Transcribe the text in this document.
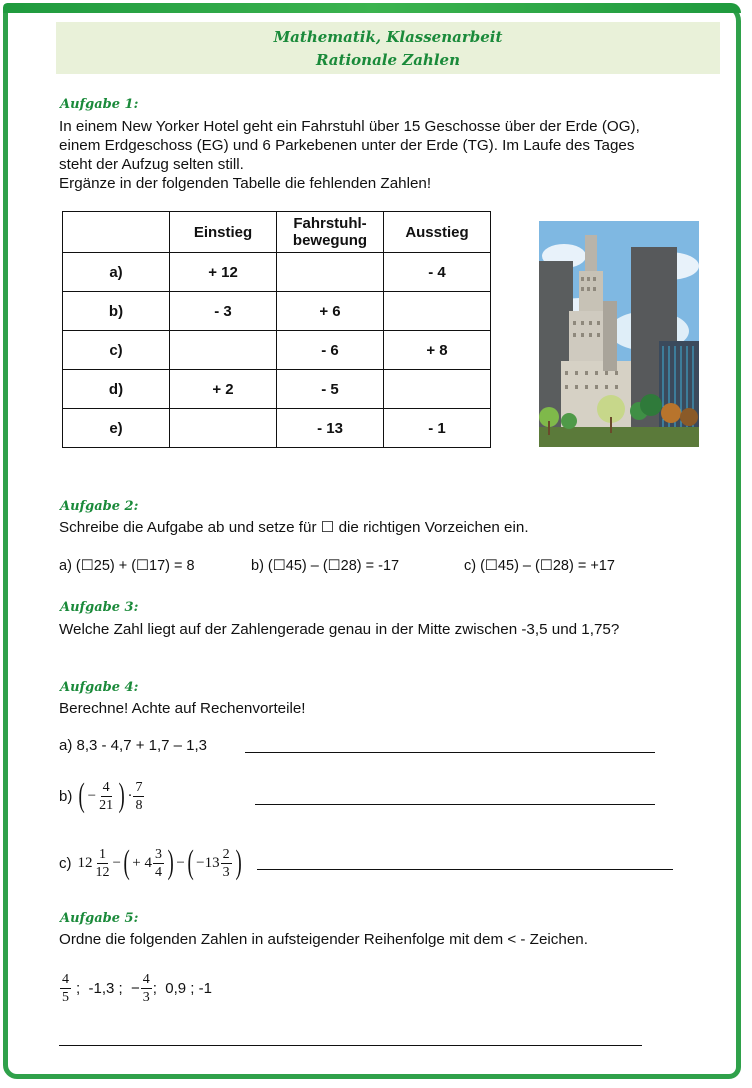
Mathematik, Klassenarbeit
Rationale Zahlen
Aufgabe 1:
In einem New Yorker Hotel geht ein Fahrstuhl über 15 Geschosse über der Erde (OG),
einem Erdgeschoss (EG) und 6 Parkebenen unter der Erde (TG). Im Laufe des Tages
steht der Aufzug selten still.
Ergänze in der folgenden Tabelle die fehlenden Zahlen!
	Einstieg	Fahrstuhl-
bewegung	Ausstieg
a)	+ 12		- 4
b)	- 3	+ 6	
c)		- 6	+ 8
d)	+ 2	- 5	
e)		- 13	- 1
Aufgabe 2:
Schreibe die Aufgabe ab und setze für ☐ die richtigen Vorzeichen ein.
a) (☐25) + (☐17) = 8	b) (☐45) – (☐28) = -17	c) (☐45) – (☐28) = +17
Aufgabe 3:
Welche Zahl liegt auf der Zahlengerade genau in der Mitte zwischen -3,5 und 1,75?
Aufgabe 4:
Berechne! Achte auf Rechenvorteile!
a) 8,3 - 4,7 + 1,7 – 1,3
b) ( − $\frac{4}{21}$ ) · $\frac{7}{8}$
c) $12 \frac{1}{12}$ − ( + $4 \frac{3}{4}$ ) − ( $-13 \frac{2}{3}$ )
Aufgabe 5:
Ordne die folgenden Zahlen in aufsteigender Reihenfolge mit dem < - Zeichen.
$\frac{4}{5}$ ;  -1,3 ;  − $\frac{4}{3}$ ;  0,9 ; -1
